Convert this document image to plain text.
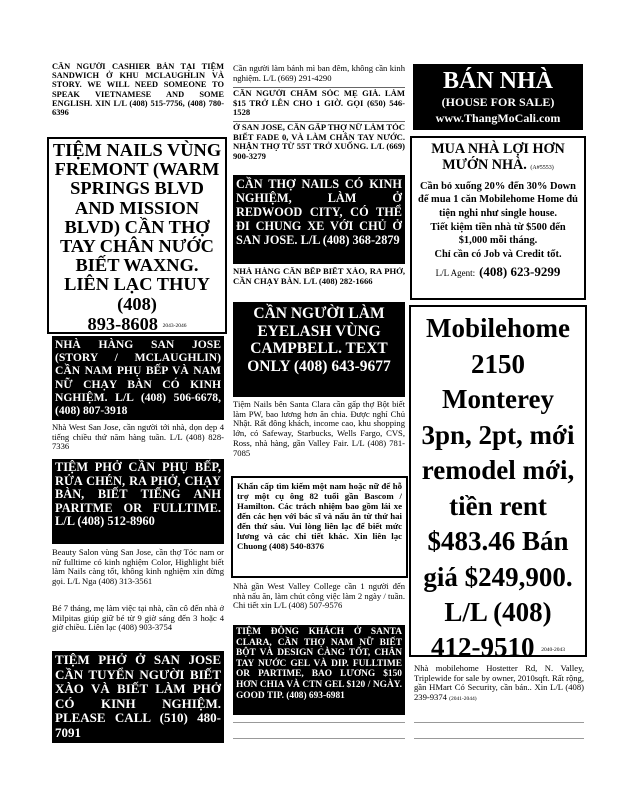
CẦN NGƯỜI CASHIER BÁN TẠI TIỆM SANDWICH Ở KHU MCLAUGHLIN VÀ STORY. WE WILL NEED SOMEONE TO SPEAK VIETNAMESE AND SOME ENGLISH. XIN L/L (408) 515-7756, (408) 780-6396
TIỆM NAILS VÙNG FREMONT (WARM SPRINGS BLVD AND MISSION BLVD) CẦN THỢ TAY CHÂN NƯỚC BIẾT WAXNG. LIÊN LẠC THUY (408)
893-8608 2043-2046
NHÀ HÀNG SAN JOSE (STORY / MCLAUGHLIN) CẦN NAM PHỤ BẾP VÀ NAM NỮ CHẠY BÀN CÓ KINH NGHIỆM. L/L (408) 506-6678, (408) 807-3918
Nhà West San Jose, cần người tới nhà, dọn dẹp 4 tiếng chiều thứ năm hàng tuần. L/L (408) 828-7336
TIỆM PHỞ CẦN PHỤ BẾP, RỬA CHÉN, RA PHỞ, CHẠY BÀN, BIẾT TIẾNG ANH PARITME OR FULLTIME. L/L (408) 512-8960
Beauty Salon vùng San Jose, cần thợ Tóc nam or nữ fulltime có kinh nghiệm Color, Highlight biết làm Nails càng tốt, không kinh nghiệm xin đừng gọi. L/L Nga (408) 313-3561
Bé 7 tháng, mẹ làm việc tại nhà, cần cô đến nhà ở Milpitas giúp giữ bé từ 9 giờ sáng đến 3 hoặc 4 giờ chiều. Liên lạc (408) 903-3754
TIỆM PHỞ Ở SAN JOSE CẦN TUYỂN NGƯỜI BIẾT XÀO VÀ BIẾT LÀM PHỞ CÓ KINH NGHIỆM. PLEASE CALL (510) 480-7091
Cần người làm bánh mì ban đêm, không cần kinh nghiệm. L/L (669) 291-4290
CẦN NGƯỜI CHĂM SÓC MẸ GIÀ. LÀM $15 TRỞ LÊN CHO 1 GIỜ. GỌI (650) 546-1528
Ở SAN JOSE, CẦN GẤP THỢ NỮ LÀM TÓC BIẾT FADE 0, VÀ LÀM CHÂN TAY NƯỚC. NHẬN THỢ TỪ 55T TRỞ XUỐNG. L/L (669) 900-3279
CẦN THỢ NAILS CÓ KINH NGHIỆM, LÀM Ở REDWOOD CITY, CÓ THỂ ĐI CHUNG XE VỚI CHỦ Ở SAN JOSE. L/L (408) 368-2879
NHÀ HÀNG CẦN BẾP BIẾT XÀO, RA PHỞ, CẦN CHẠY BÀN. L/L (408) 282-1666
CẦN NGƯỜI LÀM EYELASH VÙNG CAMPBELL. TEXT ONLY (408) 643-9677
Tiệm Nails bên Santa Clara cần gấp thợ Bột biết làm PW, bao lương hơn ăn chia. Được nghỉ Chủ Nhật. Rất đông khách, income cao, khu shopping lớn, có Safeway, Starbucks, Wells Fargo, CVS, Ross, nhà hàng, gần Valley Fair. L/L (408) 781-7085
Khẩn cấp tìm kiếm một nam hoặc nữ để hỗ trợ một cụ ông 82 tuổi gần Bascom / Hamilton. Các trách nhiệm bao gồm lái xe đến các hẹn với bác sĩ và nấu ăn từ thứ hai đến thứ sáu. Vui lòng liên lạc để biết mức lương và các chi tiết khác. Xin liên lạc Chuong (408) 540-8376
Nhà gần West Valley College cần 1 người đến nhà nấu ăn, làm chút công việc làm 2 ngày / tuần. Chi tiết xin L/L (408) 507-9576
TIỆM ĐÔNG KHÁCH Ở SANTA CLARA, CẦN THỢ NAM NỮ BIẾT BỘT VÀ DESIGN CÀNG TỐT, CHÂN TAY NƯỚC GEL VÀ DIP. FULLTIME OR PARTIME, BAO LƯƠNG $150 HƠN CHIA VÀ CTN GEL $120 / NGÀY. GOOD TIP. (408) 693-6981
BÁN NHÀ
(HOUSE FOR SALE)
www.ThangMoCali.com
MUA NHÀ LỢI HƠN MƯỚN NHÀ. (A#5553)
Cần bỏ xuống 20% đến 30% Down để mua 1 căn Mobilehome Home đủ tiện nghi như single house.
Tiết kiệm tiền nhà từ $500 đến $1,000 mỗi tháng.
Chỉ cần có Job và Credit tốt.
L/L Agent: (408) 623-9299
Mobilehome 2150 Monterey 3pn, 2pt, mới remodel mới, tiền rent $483.46 Bán giá $249,900. L/L (408)
412-9510 2040-2043
Nhà mobilehome Hostetter Rd, N. Valley, Triplewide for sale by owner, 2010sqft. Rất rộng, gần HMart Có Security, cần bán.. Xin L/L (408) 239-9374 (2041-2044)
